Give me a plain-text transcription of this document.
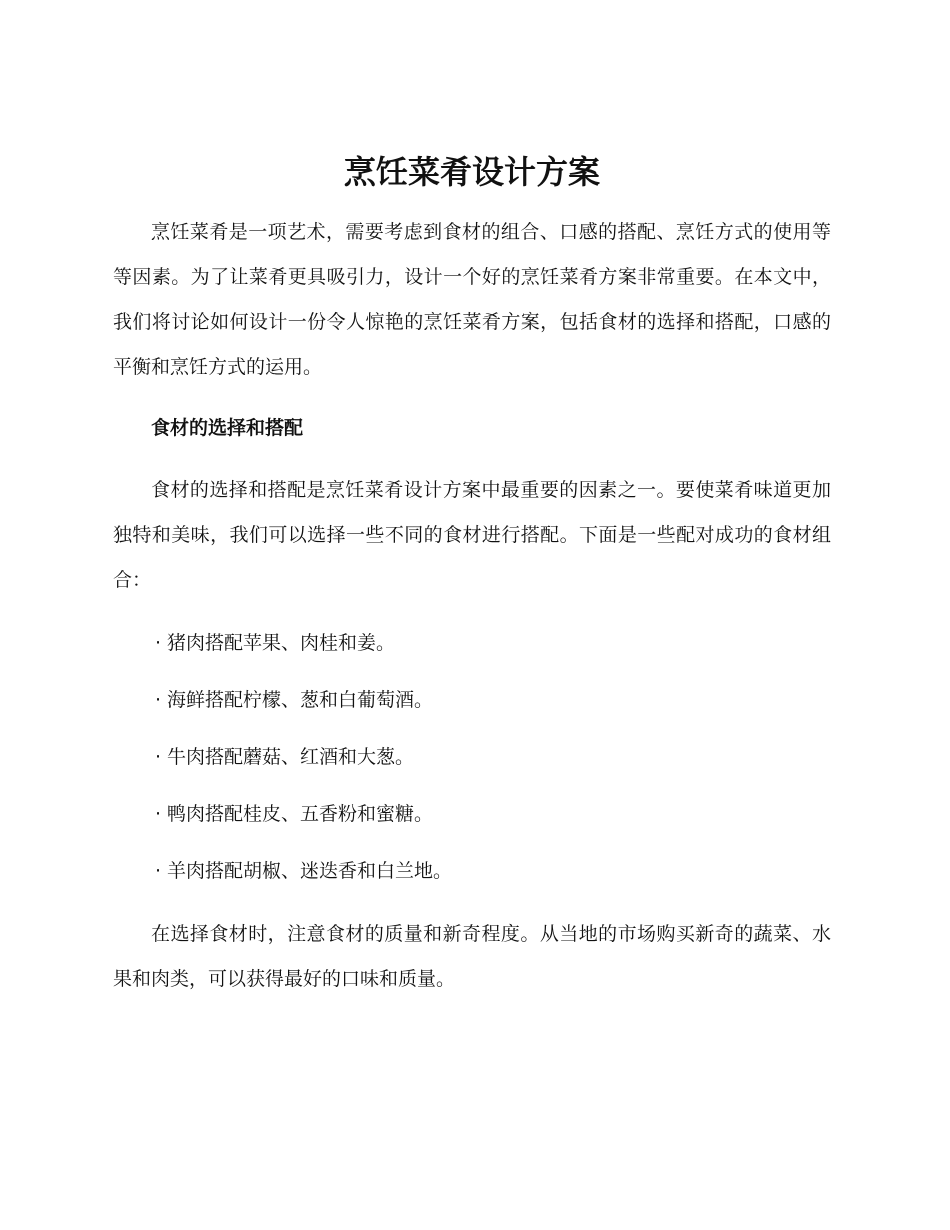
烹饪菜肴设计方案

烹饪菜肴是一项艺术，需要考虑到食材的组合、口感的搭配、烹饪方式的使用等等因素。为了让菜肴更具吸引力，设计一个好的烹饪菜肴方案非常重要。在本文中，我们将讨论如何设计一份令人惊艳的烹饪菜肴方案，包括食材的选择和搭配，口感的平衡和烹饪方式的运用。

食材的选择和搭配

食材的选择和搭配是烹饪菜肴设计方案中最重要的因素之一。要使菜肴味道更加独特和美味，我们可以选择一些不同的食材进行搭配。下面是一些配对成功的食材组合：

· 猪肉搭配苹果、肉桂和姜。
· 海鲜搭配柠檬、葱和白葡萄酒。
· 牛肉搭配蘑菇、红酒和大葱。
· 鸭肉搭配桂皮、五香粉和蜜糖。
· 羊肉搭配胡椒、迷迭香和白兰地。

在选择食材时，注意食材的质量和新奇程度。从当地的市场购买新奇的蔬菜、水果和肉类，可以获得最好的口味和质量。
